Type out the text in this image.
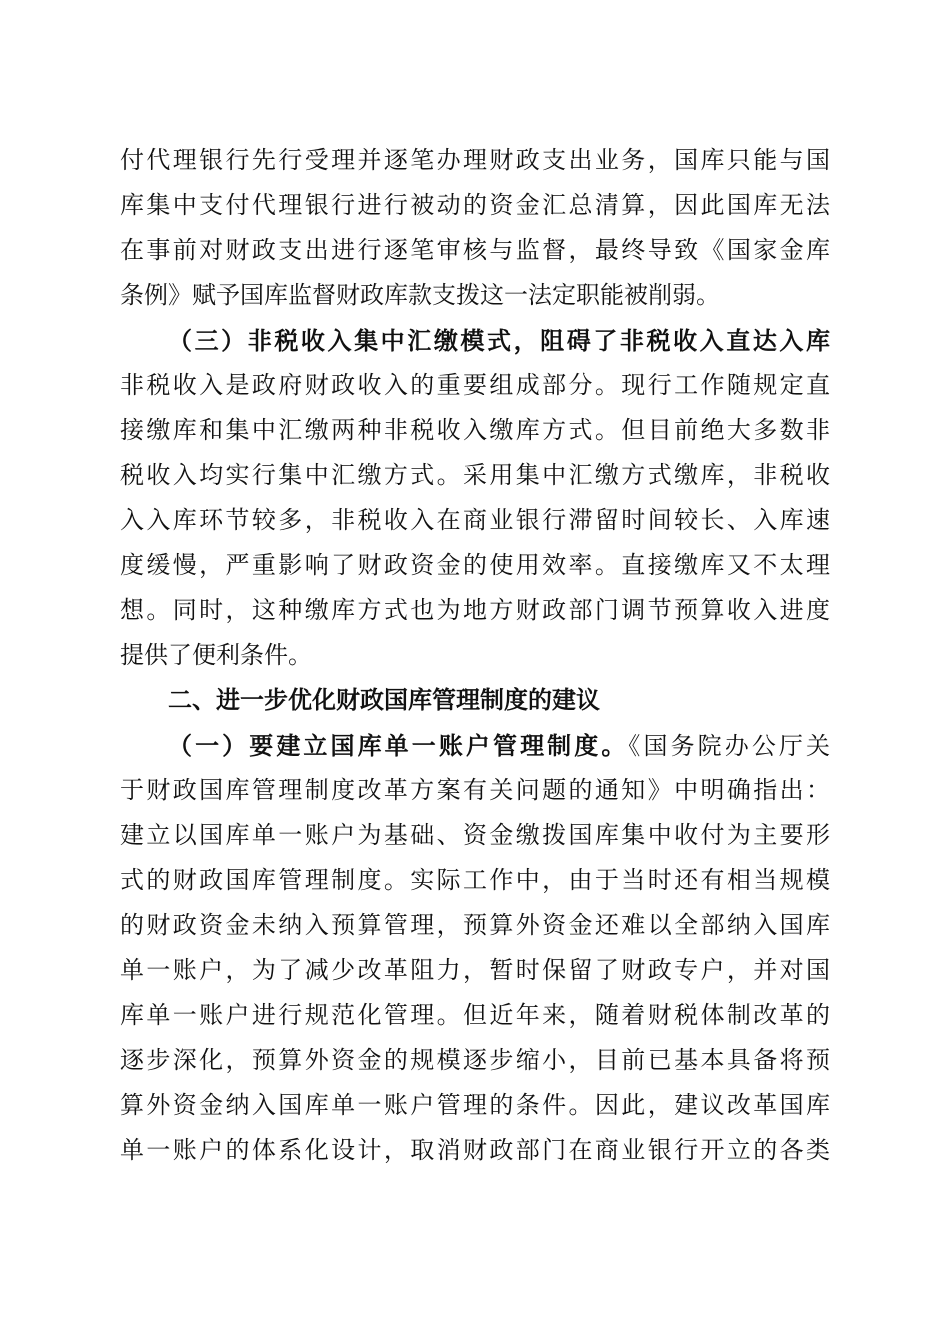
付代理银行先行受理并逐笔办理财政支出业务，国库只能与国
库集中支付代理银行进行被动的资金汇总清算，因此国库无法
在事前对财政支出进行逐笔审核与监督，最终导致《国家金库
条例》赋予国库监督财政库款支拨这一法定职能被削弱。
（三）非税收入集中汇缴模式，阻碍了非税收入直达入库
非税收入是政府财政收入的重要组成部分。现行工作随规定直
接缴库和集中汇缴两种非税收入缴库方式。但目前绝大多数非
税收入均实行集中汇缴方式。采用集中汇缴方式缴库，非税收
入入库环节较多，非税收入在商业银行滞留时间较长、入库速
度缓慢，严重影响了财政资金的使用效率。直接缴库又不太理
想。同时，这种缴库方式也为地方财政部门调节预算收入进度
提供了便利条件。
二、进一步优化财政国库管理制度的建议
（一）要建立国库单一账户管理制度。《国务院办公厅关
于财政国库管理制度改革方案有关问题的通知》中明确指出：
建立以国库单一账户为基础、资金缴拨国库集中收付为主要形
式的财政国库管理制度。实际工作中，由于当时还有相当规模
的财政资金未纳入预算管理，预算外资金还难以全部纳入国库
单一账户，为了减少改革阻力，暂时保留了财政专户，并对国
库单一账户进行规范化管理。但近年来，随着财税体制改革的
逐步深化，预算外资金的规模逐步缩小，目前已基本具备将预
算外资金纳入国库单一账户管理的条件。因此，建议改革国库
单一账户的体系化设计，取消财政部门在商业银行开立的各类
